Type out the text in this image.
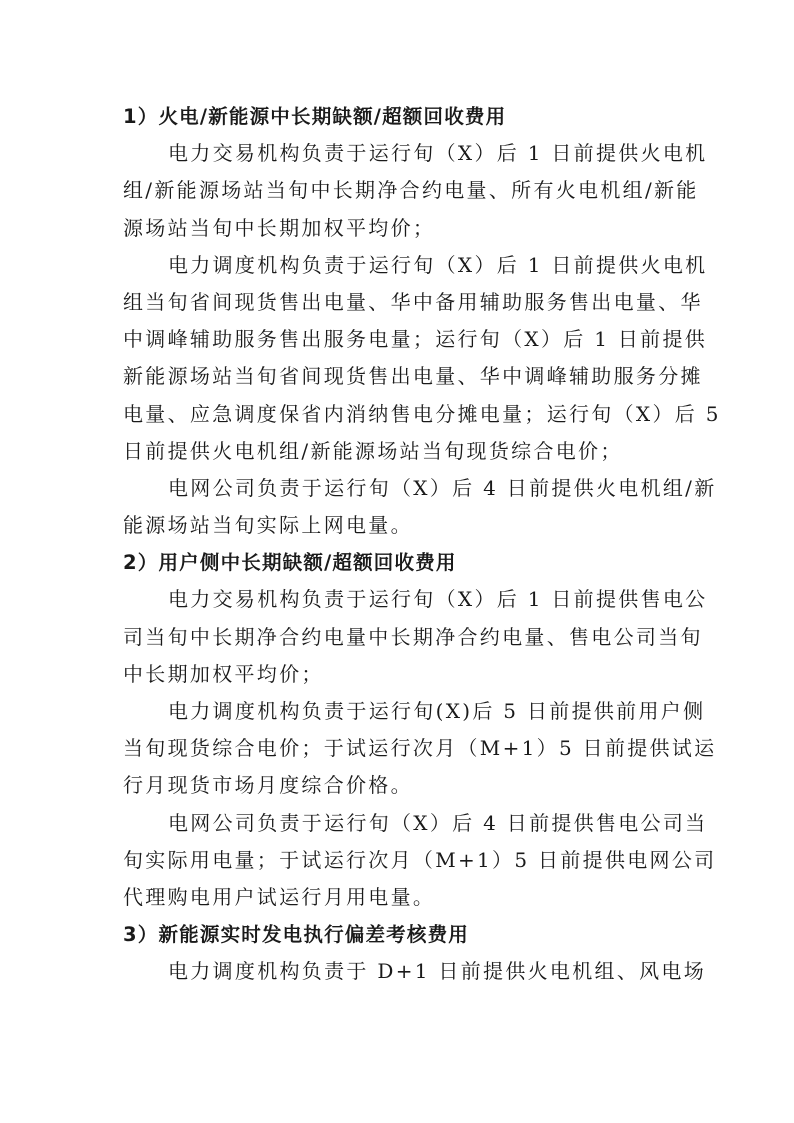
1）火电/新能源中长期缺额/超额回收费用
电力交易机构负责于运行旬（X）后 1 日前提供火电机
组/新能源场站当旬中长期净合约电量、所有火电机组/新能
源场站当旬中长期加权平均价；
电力调度机构负责于运行旬（X）后 1 日前提供火电机
组当旬省间现货售出电量、华中备用辅助服务售出电量、华
中调峰辅助服务售出服务电量；运行旬（X）后 1 日前提供
新能源场站当旬省间现货售出电量、华中调峰辅助服务分摊
电量、应急调度保省内消纳售电分摊电量；运行旬（X）后 5
日前提供火电机组/新能源场站当旬现货综合电价；
电网公司负责于运行旬（X）后 4 日前提供火电机组/新
能源场站当旬实际上网电量。
2）用户侧中长期缺额/超额回收费用
电力交易机构负责于运行旬（X）后 1 日前提供售电公
司当旬中长期净合约电量中长期净合约电量、售电公司当旬
中长期加权平均价；
电力调度机构负责于运行旬(X)后 5 日前提供前用户侧
当旬现货综合电价；于试运行次月（M+1）5 日前提供试运
行月现货市场月度综合价格。
电网公司负责于运行旬（X）后 4 日前提供售电公司当
旬实际用电量；于试运行次月（M+1）5 日前提供电网公司
代理购电用户试运行月用电量。
3）新能源实时发电执行偏差考核费用
电力调度机构负责于 D+1 日前提供火电机组、风电场
